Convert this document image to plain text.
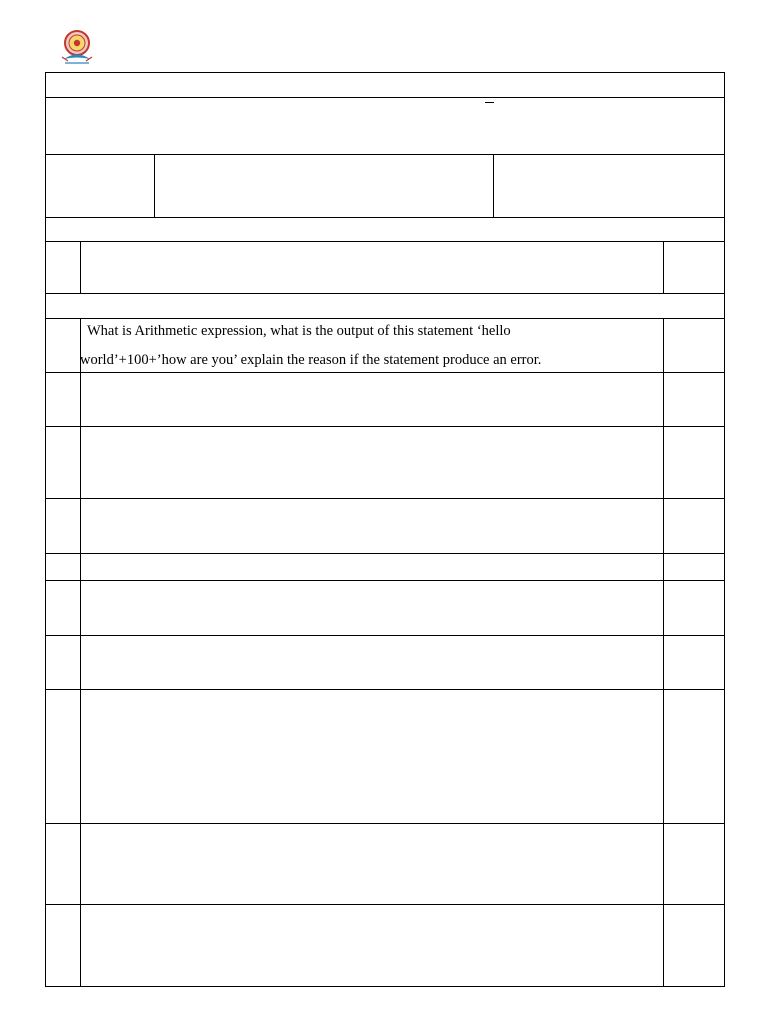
What is Arithmetic expression, what is the output of this statement ‘hello
world’+100+’how are you’ explain the reason if the statement produce an error.
